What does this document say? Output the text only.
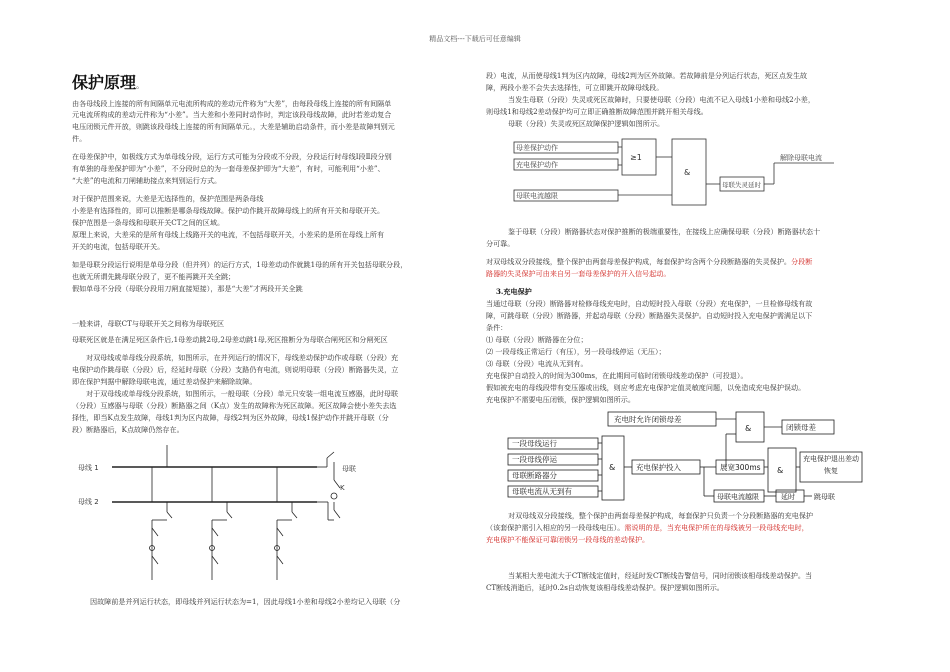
精品文档---下载后可任意编辑
保护原理。

由各母线段上连接的所有间隔单元电流所构成的差动元件称为“大差”，由每段母线上连接的所有间隔单

元电流所构成的差动元件称为“小差”。当大差和小差同时动作时，判定该段母线故障，此时若差动复合

电压闭锁元件开放，则跳该段母线上连接的所有间隔单元。，大差是辅助启动条件，而小差是故障判别元

件。

在母差保护中，如极线方式为单母线分段，运行方式可能为分段或不分段，分段运行时母线Ⅰ段Ⅱ段分别

有单独的母差保护即为“小差”，不分段时总的为一套母差保护即为“大差”，有时，可能利用“小差”、

“大差”的电流和刀闸辅助接点来判别运行方式。

对于保护范围来说，大差是无选择性的，保护范围是两条母线

小差是有选择性的，即可以推断是哪条母线故障。保护动作跳开故障母线上的所有开关和母联开关。

保护范围是一条母线和母联开关CT之间的区域。

原理上来说，大差采的是所有母线上线路开关的电流，不包括母联开关，小差采的是所在母线上所有

开关的电流，包括母联开关。

如是母联分段运行说明是单母分段（但并列）的运行方式，1母差动动作就跳1母的所有开关包括母联分段，

也就无所谓先跳母联分段了，更不能再跳开关全跳；

假如单母不分段（母联分段用刀闸直接短接），那是“大差”才两段开关全跳

一般来讲，母联CT与母联开关之间称为母联死区

母联死区就是在满足死区条件后,1母差动跳2母,2母差动跳1母,死区推断分为母联合闸死区和分闸死区

对双母线或单母线分段系统，如图所示，在并列运行的情况下，母线差动保护动作或母联（分段）充

电保护动作跳母联（分段）后，经延时母联（分段）支路仍有电流，则说明母联（分段）断路器失灵，立

即在保护判据中解除母联电流，通过差动保护来解除故障。

对于双母线或单母线分段系统，如图所示，一般母联（分段）单元只安装一组电流互感器，此时母联

（分段）互感器与母联（分段）断路器之间（K点）发生的故障称为死区故障。死区故障会使小差失去选

择性，即当K点发生故障，母线1判为区内故障，母线2判为区外故障，母线1保护动作并跳开母联（分

段）断路器后，K点故障仍然存在。

母线 1
母线 2
母联
K

因故障前是并列运行状态，即母线并列运行状态为=1，因此母线1小差和母线2小差均记入母联（分

段）电流，从而使母线1判为区内故障，母线2判为区外故障。若故障前是分列运行状态，死区点发生故

障，两段小差不会失去选择性，可立即跳开故障母线段。

当发生母联（分段）失灵或死区故障时，只要使母联（分段）电流不记入母线1小差和母线2小差，

则母线1和母线2差动保护均可立即正确推断故障范围并跳开相关母线。

母联（分段）失灵或死区故障保护逻辑如图所示。

母差保护动作
充电保护动作
母联电流越限
≥1
&
母联失灵延时
解除母联电流

鉴于母联（分段）断路器状态对保护推断的极端重要性，在接线上应确保母联（分段）断路器状态十

分可靠。

对双母线双分段接线，整个保护由两套母差保护构成，每套保护均含两个分段断路器的失灵保护。分段断

路器的失灵保护可由来自另一套母差保护的开入信号起动。

3.充电保护

当通过母联（分段）断路器对检修母线充电时，自动短时投入母联（分段）充电保护，一旦检修母线有故

障，可跳母联（分段）断路器，并起动母联（分段）断路器失灵保护。自动短时投入充电保护需满足以下

条件：

⑴ 母联（分段）断路器在分位；

⑵ 一段母线正常运行（有压），另一段母线停运（无压）；

⑶ 母联（分段）电流从无到有。

充电保护自动投入的时间为300ms，在此期间可临时闭锁母线差动保护（可投退）。

假如被充电的母线段带有变压器或出线，则应考虑充电保护定值灵敏度问题，以免造成充电保护误动。

充电保护不需要电压闭锁，保护逻辑如图所示。

充电时允许闭锁母差
&	闭锁母差
一段母线运行
一段母线停运
母联断路器分
母联电流从无到有
&	充电保护投入	展宽300ms &
充电保护退出差动恢复
母联电流越限	延时	跳母联

对双母线双分段接线，整个保护由两套母差保护构成，每套保护只负责一个分段断路器的充电保护

（该套保护需引入相应的另一段母线电压）。需说明的是，当充电保护所在的母线被另一段母线充电时，

充电保护不能保证可靠闭锁另一段母线的差动保护。

当某相大差电流大于CT断线定值时，经延时发CT断线告警信号，同时闭锁该相母线差动保护。当

CT断线消逝后，延时0.2s自动恢复该相母线差动保护。保护逻辑如图所示。
